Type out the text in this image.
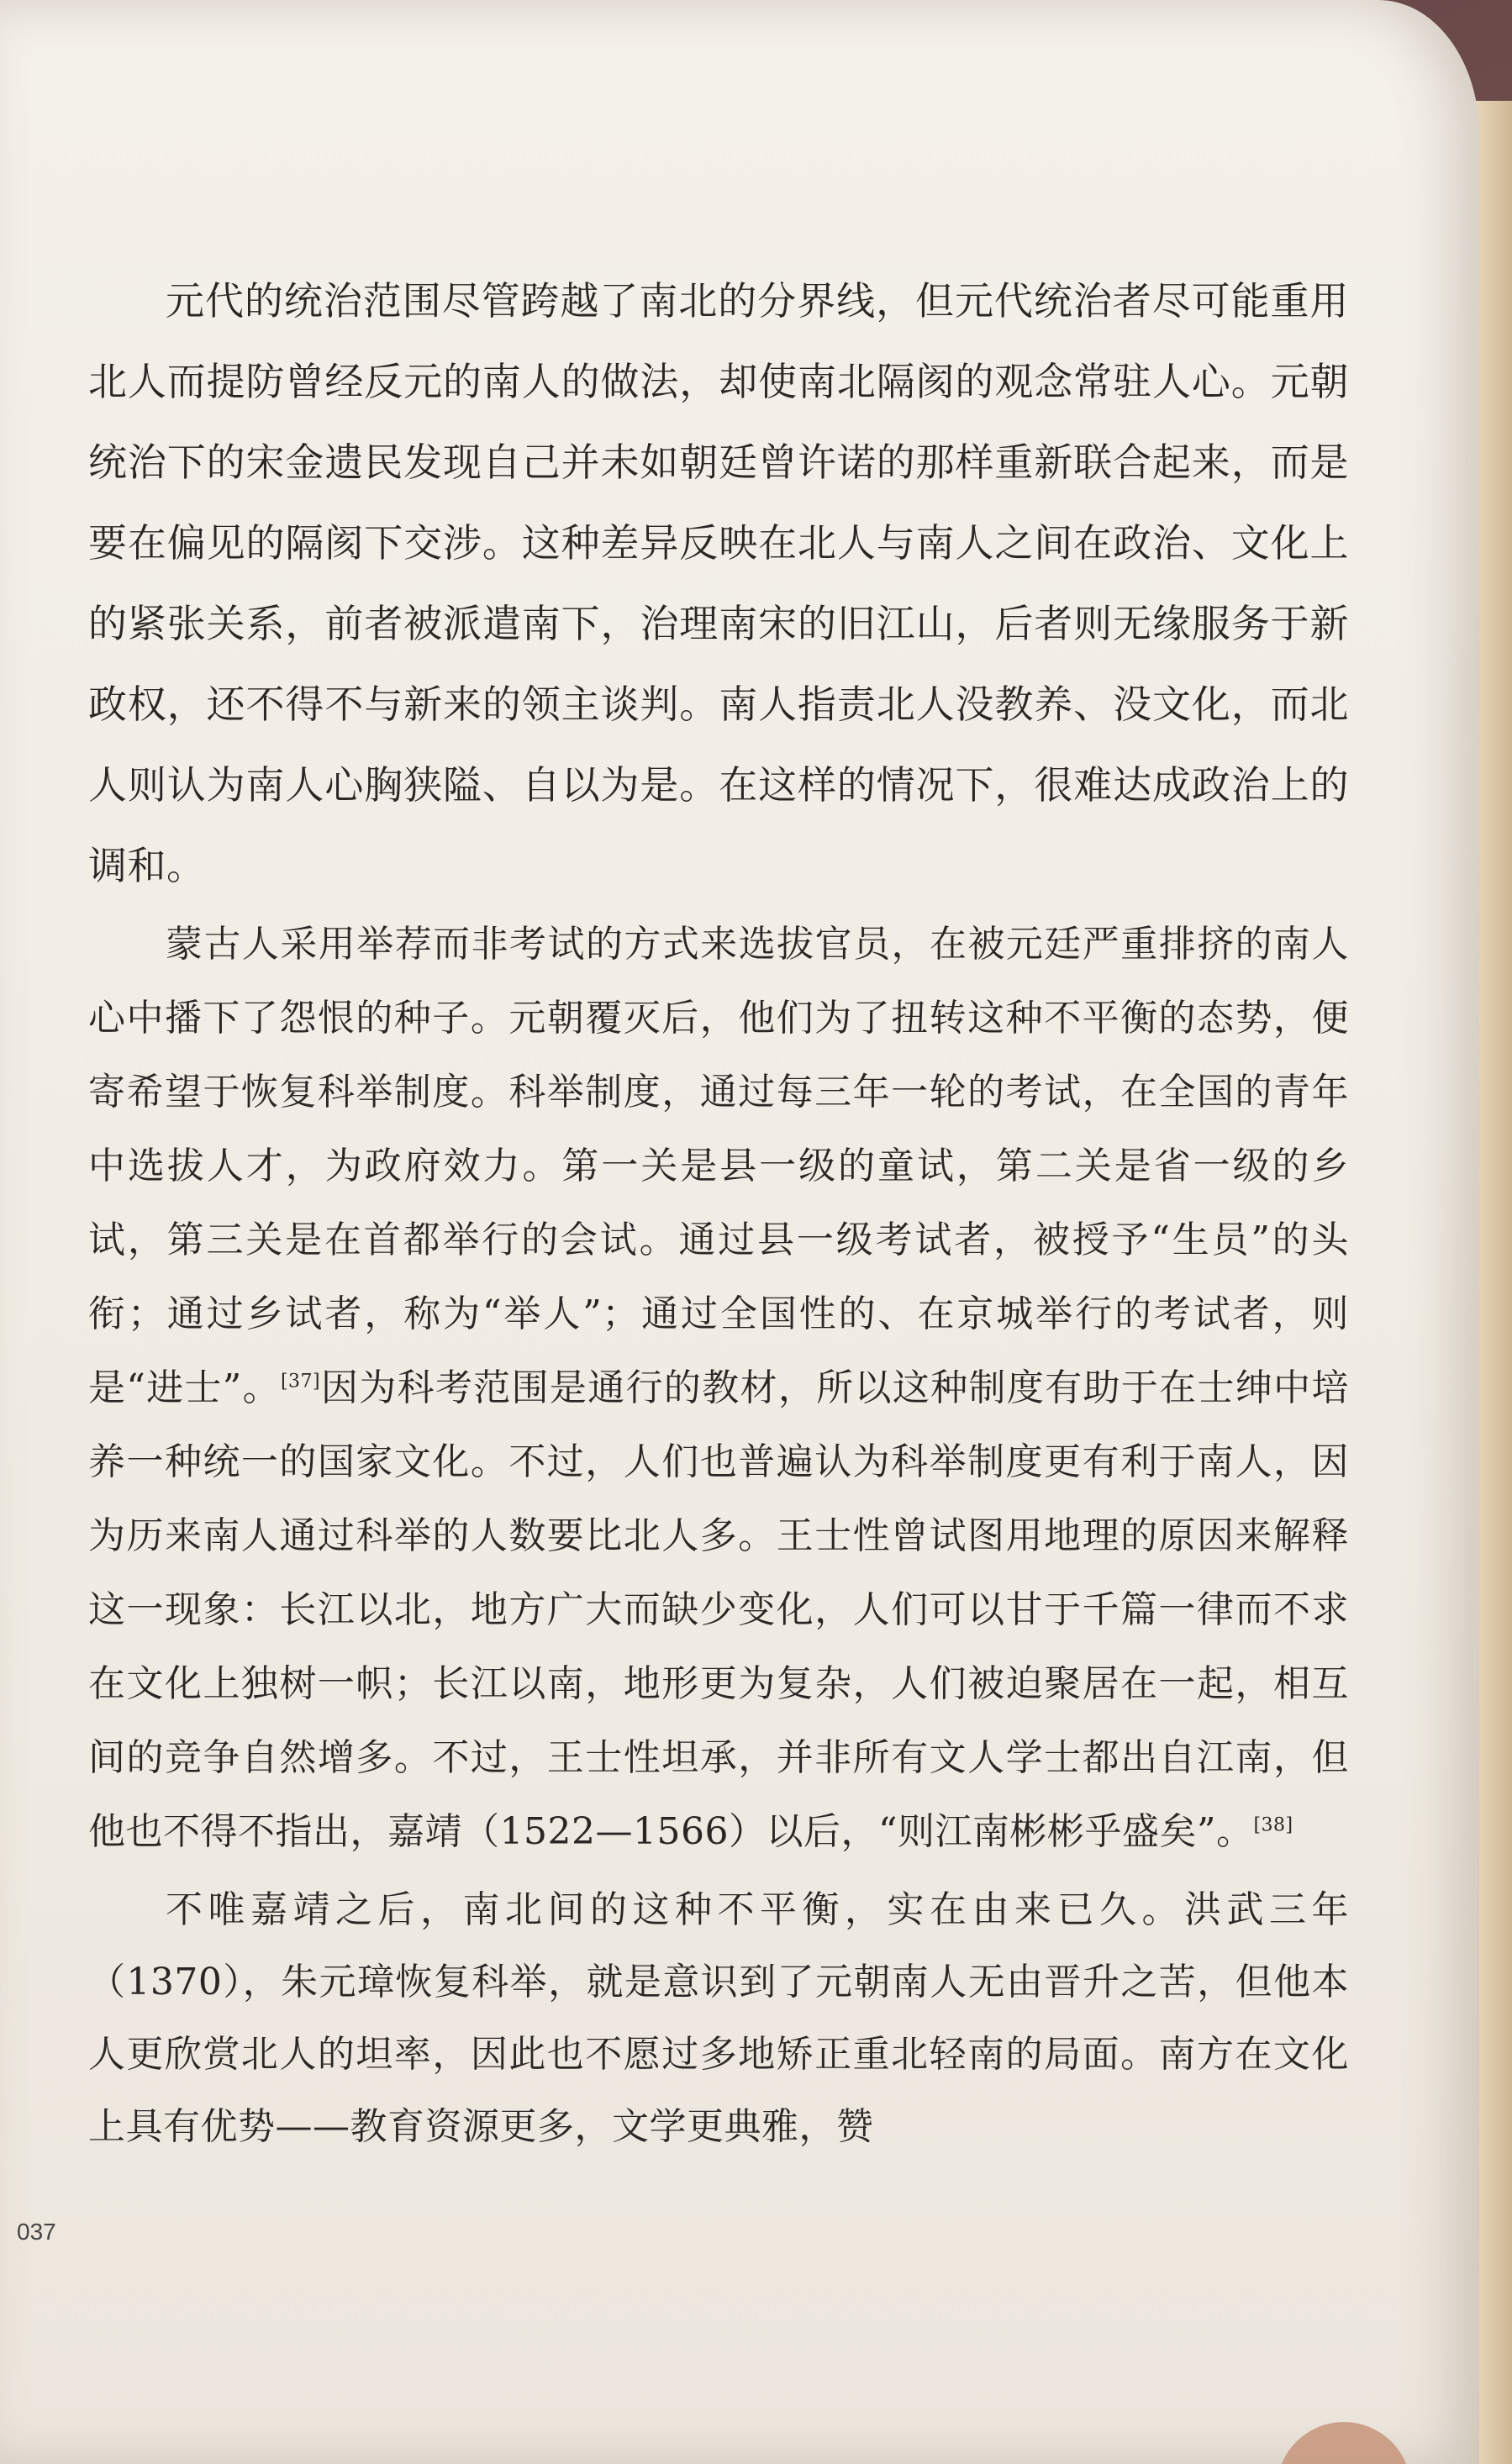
元代的统治范围尽管跨越了南北的分界线，但元代统治者尽可能重用北人而提防曾经反元的南人的做法，却使南北隔阂的观念常驻人心。元朝统治下的宋金遗民发现自己并未如朝廷曾许诺的那样重新联合起来，而是要在偏见的隔阂下交涉。这种差异反映在北人与南人之间在政治、文化上的紧张关系，前者被派遣南下，治理南宋的旧江山，后者则无缘服务于新政权，还不得不与新来的领主谈判。南人指责北人没教养、没文化，而北人则认为南人心胸狭隘、自以为是。在这样的情况下，很难达成政治上的调和。

蒙古人采用举荐而非考试的方式来选拔官员，在被元廷严重排挤的南人心中播下了怨恨的种子。元朝覆灭后，他们为了扭转这种不平衡的态势，便寄希望于恢复科举制度。科举制度，通过每三年一轮的考试，在全国的青年中选拔人才，为政府效力。第一关是县一级的童试，第二关是省一级的乡试，第三关是在首都举行的会试。通过县一级考试者，被授予“生员”的头衔；通过乡试者，称为“举人”；通过全国性的、在京城举行的考试者，则是“进士”。[37]因为科考范围是通行的教材，所以这种制度有助于在士绅中培养一种统一的国家文化。不过，人们也普遍认为科举制度更有利于南人，因为历来南人通过科举的人数要比北人多。王士性曾试图用地理的原因来解释这一现象：长江以北，地方广大而缺少变化，人们可以甘于千篇一律而不求在文化上独树一帜；长江以南，地形更为复杂，人们被迫聚居在一起，相互间的竞争自然增多。不过，王士性坦承，并非所有文人学士都出自江南，但他也不得不指出，嘉靖（1522—1566）以后，“则江南彬彬乎盛矣”。[38]

不唯嘉靖之后，南北间的这种不平衡，实在由来已久。洪武三年（1370），朱元璋恢复科举，就是意识到了元朝南人无由晋升之苦，但他本人更欣赏北人的坦率，因此也不愿过多地矫正重北轻南的局面。南方在文化上具有优势——教育资源更多，文学更典雅，赞

037
